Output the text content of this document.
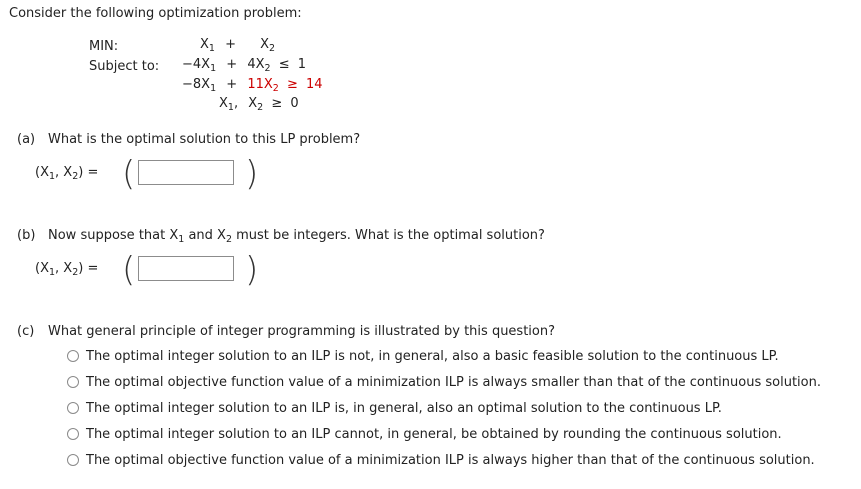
Consider the following optimization problem:
MIN:
Subject to:
$X_1 + X_2$
$-4X_1 + 4X_2 \le 1$
$-8X_1 + 11X_2 \ge 14$
$X_1$, $X_2 \ge 0$
(a) What is the optimal solution to this LP problem?
($X_1$, $X_2$) = (	)
(b) Now suppose that $X_1$ and $X_2$ must be integers. What is the optimal solution?
($X_1$, $X_2$) = (	)
(c) What general principle of integer programming is illustrated by this question?
The optimal integer solution to an ILP is not, in general, also a basic feasible solution to the continuous LP.
The optimal objective function value of a minimization ILP is always smaller than that of the continuous solution.
The optimal integer solution to an ILP is, in general, also an optimal solution to the continuous LP.
The optimal integer solution to an ILP cannot, in general, be obtained by rounding the continuous solution.
The optimal objective function value of a minimization ILP is always higher than that of the continuous solution.
